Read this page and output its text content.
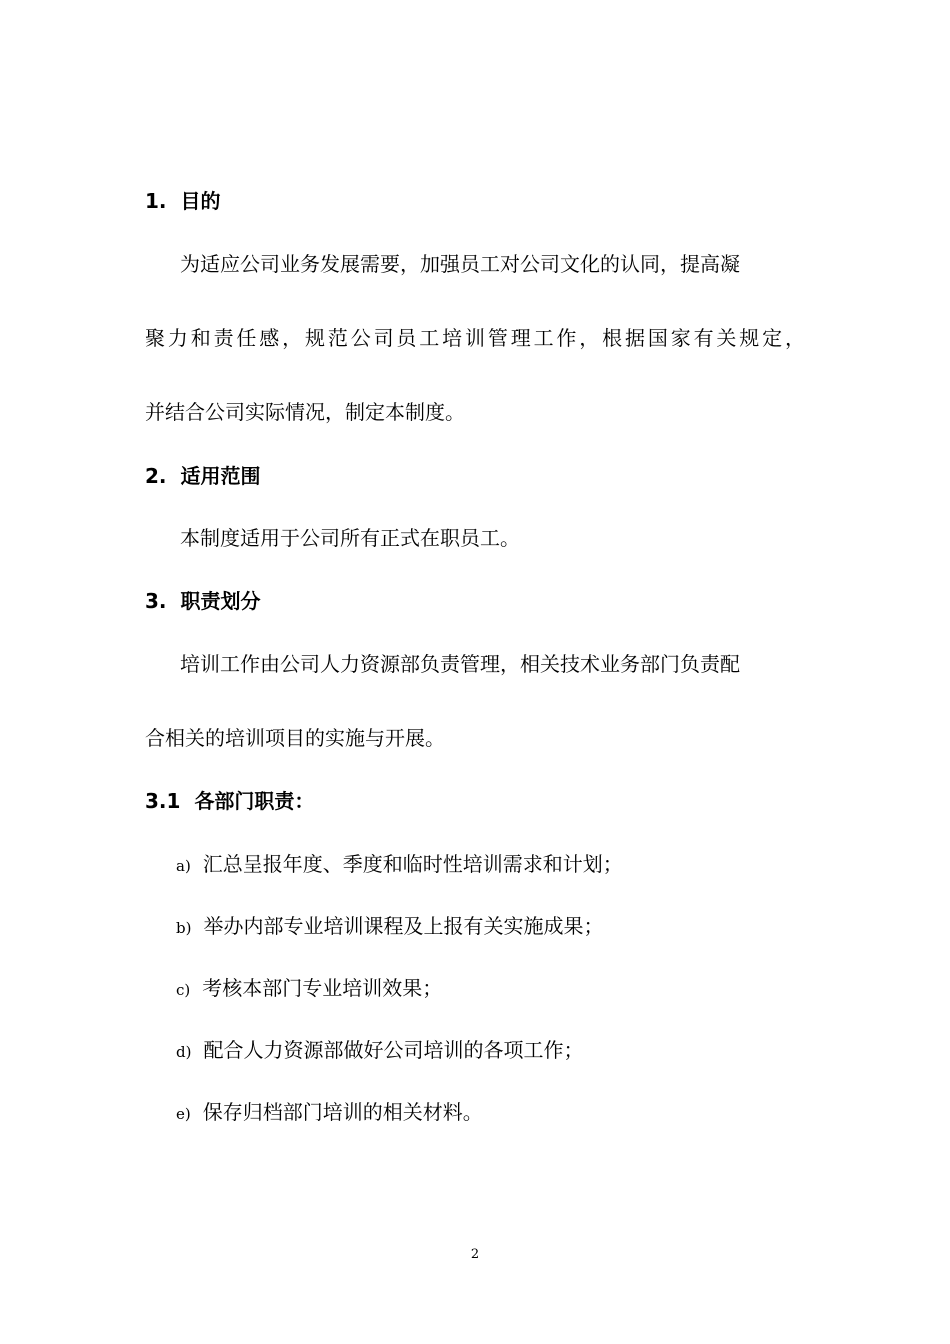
1. 目的
为适应公司业务发展需要，加强员工对公司文化的认同，提高凝
聚力和责任感，规范公司员工培训管理工作，根据国家有关规定，
并结合公司实际情况，制定本制度。
2. 适用范围
本制度适用于公司所有正式在职员工。
3. 职责划分
培训工作由公司人力资源部负责管理，相关技术业务部门负责配
合相关的培训项目的实施与开展。
3.1 各部门职责：
a) 汇总呈报年度、季度和临时性培训需求和计划；
b) 举办内部专业培训课程及上报有关实施成果；
c) 考核本部门专业培训效果；
d) 配合人力资源部做好公司培训的各项工作；
e) 保存归档部门培训的相关材料。
2
